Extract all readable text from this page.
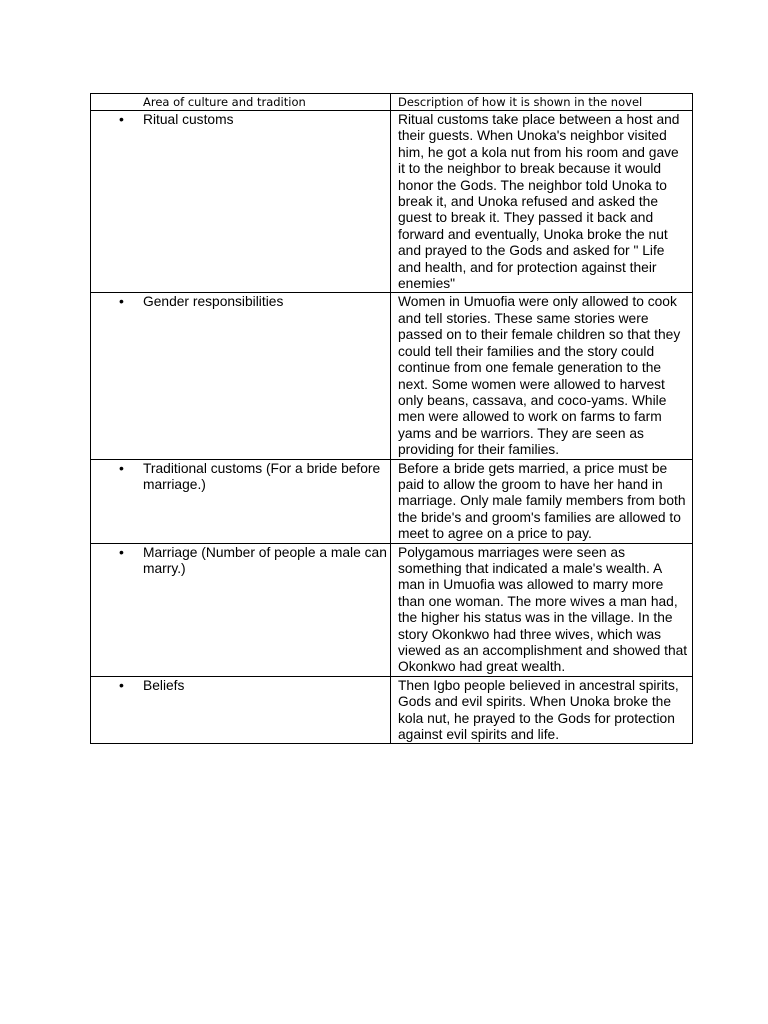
Area of culture and tradition	Description of how it is shown in the novel

• Ritual customs	Ritual customs take place between a host and their guests. When Unoka's neighbor visited him, he got a kola nut from his room and gave it to the neighbor to break because it would honor the Gods. The neighbor told Unoka to break it, and Unoka refused and asked the guest to break it. They passed it back and forward and eventually, Unoka broke the nut and prayed to the Gods and asked for " Life and health, and for protection against their enemies"

• Gender responsibilities	Women in Umuofia were only allowed to cook and tell stories. These same stories were passed on to their female children so that they could tell their families and the story could continue from one female generation to the next. Some women were allowed to harvest only beans, cassava, and coco-yams. While men were allowed to work on farms to farm yams and be warriors. They are seen as providing for their families.

• Traditional customs (For a bride before marriage.)	Before a bride gets married, a price must be paid to allow the groom to have her hand in marriage. Only male family members from both the bride's and groom's families are allowed to meet to agree on a price to pay.

• Marriage (Number of people a male can marry.)	Polygamous marriages were seen as something that indicated a male's wealth. A man in Umuofia was allowed to marry more than one woman. The more wives a man had, the higher his status was in the village. In the story Okonkwo had three wives, which was viewed as an accomplishment and showed that Okonkwo had great wealth.

• Beliefs	Then Igbo people believed in ancestral spirits, Gods and evil spirits. When Unoka broke the kola nut, he prayed to the Gods for protection against evil spirits and life.
